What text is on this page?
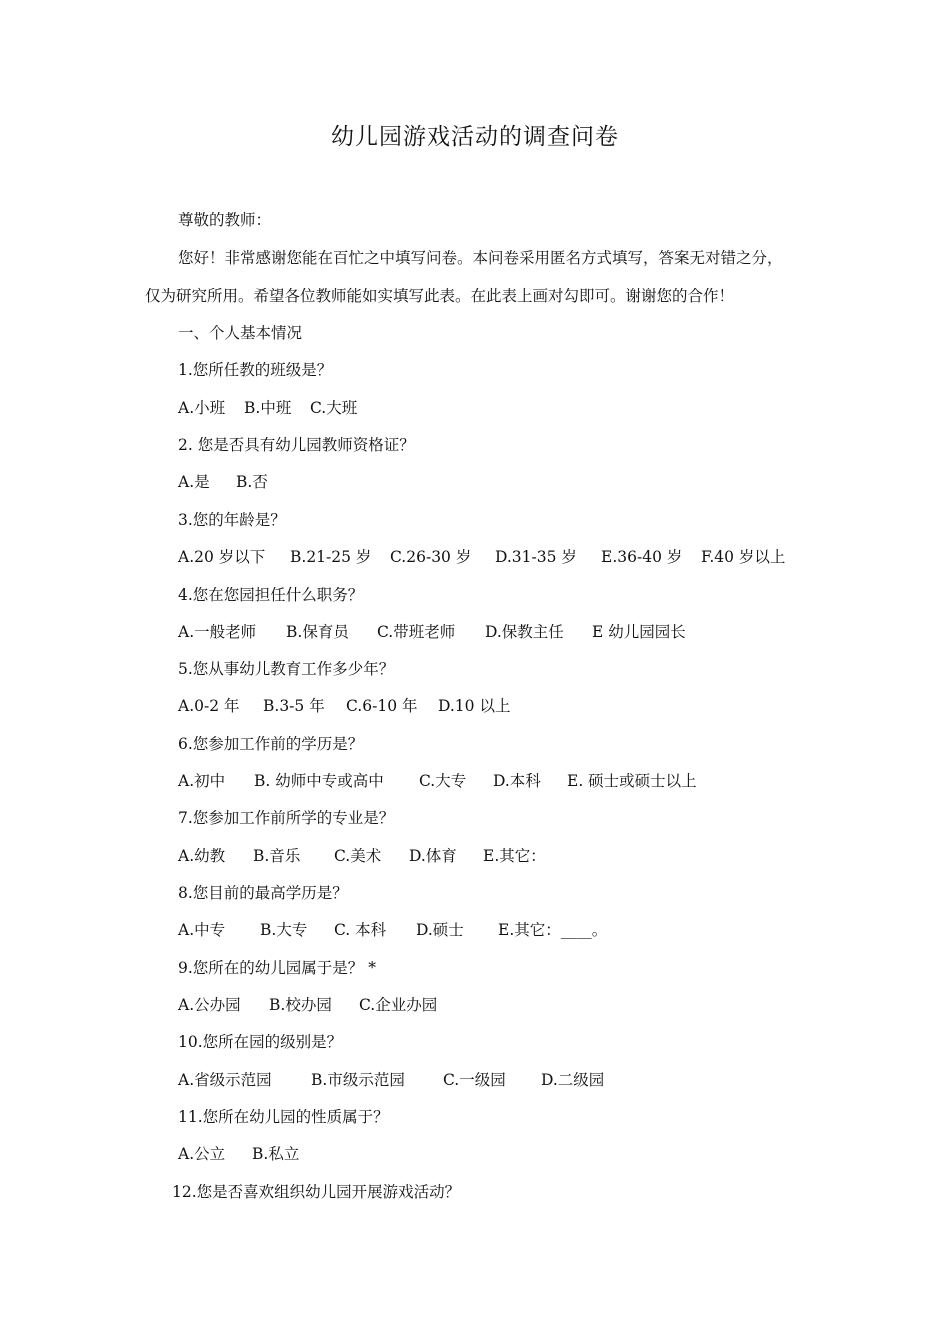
幼儿园游戏活动的调查问卷
尊敬的教师：
您好！非常感谢您能在百忙之中填写问卷。本问卷采用匿名方式填写，答案无对错之分，
仅为研究所用。希望各位教师能如实填写此表。在此表上画对勾即可。谢谢您的合作！
一、个人基本情况
1.您所任教的班级是？
A.小班 B.中班 C.大班
2. 您是否具有幼儿园教师资格证？
A.是 B.否
3.您的年龄是？
A.20 岁以下 B.21-25 岁 C.26-30 岁 D.31-35 岁 E.36-40 岁 F.40 岁以上
4.您在您园担任什么职务？
A.一般老师 B.保育员 C.带班老师 D.保教主任 E 幼儿园园长
5.您从事幼儿教育工作多少年？
A.0-2 年 B.3-5 年 C.6-10 年 D.10 以上
6.您参加工作前的学历是？
A.初中 B. 幼师中专或高中 C.大专 D.本科 E. 硕士或硕士以上
7.您参加工作前所学的专业是？
A.幼教 B.音乐 C.美术 D.体育 E.其它：
8.您目前的最高学历是？
A.中专 B.大专 C. 本科 D.硕士 E.其它：____。
9.您所在的幼儿园属于是？ *
A.公办园 B.校办园 C.企业办园
10.您所在园的级别是？
A.省级示范园	B.市级示范园 C.一级园 D.二级园
11.您所在幼儿园的性质属于？
A.公立 B.私立
12.您是否喜欢组织幼儿园开展游戏活动？
